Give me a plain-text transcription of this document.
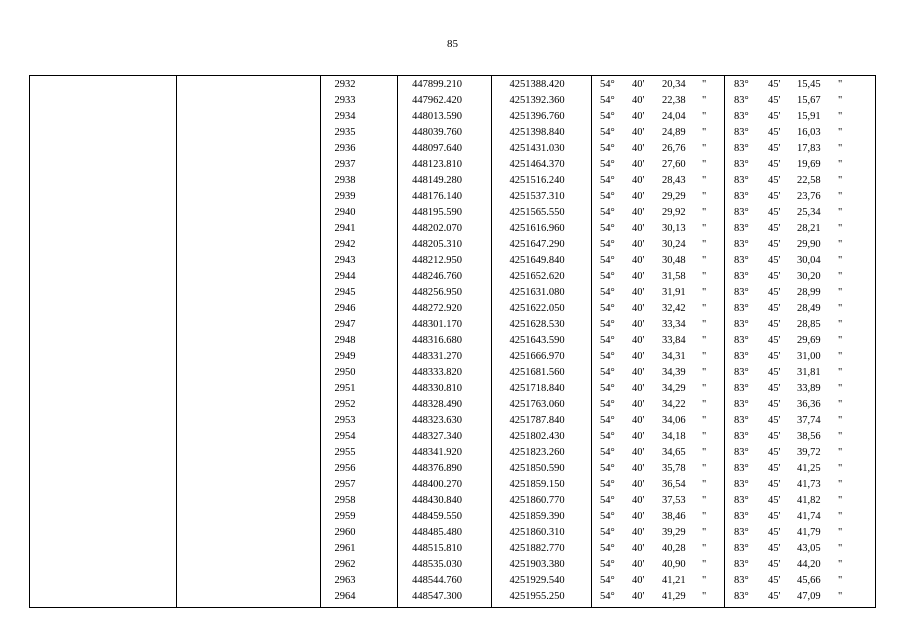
85
2932	447899.210	4251388.420	54° 40' 20,34 "	83° 45' 15,45 "
2933	447962.420	4251392.360	54° 40' 22,38 "	83° 45' 15,67 "
2934	448013.590	4251396.760	54° 40' 24,04 "	83° 45' 15,91 "
2935	448039.760	4251398.840	54° 40' 24,89 "	83° 45' 16,03 "
2936	448097.640	4251431.030	54° 40' 26,76 "	83° 45' 17,83 "
2937	448123.810	4251464.370	54° 40' 27,60 "	83° 45' 19,69 "
2938	448149.280	4251516.240	54° 40' 28,43 "	83° 45' 22,58 "
2939	448176.140	4251537.310	54° 40' 29,29 "	83° 45' 23,76 "
2940	448195.590	4251565.550	54° 40' 29,92 "	83° 45' 25,34 "
2941	448202.070	4251616.960	54° 40' 30,13 "	83° 45' 28,21 "
2942	448205.310	4251647.290	54° 40' 30,24 "	83° 45' 29,90 "
2943	448212.950	4251649.840	54° 40' 30,48 "	83° 45' 30,04 "
2944	448246.760	4251652.620	54° 40' 31,58 "	83° 45' 30,20 "
2945	448256.950	4251631.080	54° 40' 31,91 "	83° 45' 28,99 "
2946	448272.920	4251622.050	54° 40' 32,42 "	83° 45' 28,49 "
2947	448301.170	4251628.530	54° 40' 33,34 "	83° 45' 28,85 "
2948	448316.680	4251643.590	54° 40' 33,84 "	83° 45' 29,69 "
2949	448331.270	4251666.970	54° 40' 34,31 "	83° 45' 31,00 "
2950	448333.820	4251681.560	54° 40' 34,39 "	83° 45' 31,81 "
2951	448330.810	4251718.840	54° 40' 34,29 "	83° 45' 33,89 "
2952	448328.490	4251763.060	54° 40' 34,22 "	83° 45' 36,36 "
2953	448323.630	4251787.840	54° 40' 34,06 "	83° 45' 37,74 "
2954	448327.340	4251802.430	54° 40' 34,18 "	83° 45' 38,56 "
2955	448341.920	4251823.260	54° 40' 34,65 "	83° 45' 39,72 "
2956	448376.890	4251850.590	54° 40' 35,78 "	83° 45' 41,25 "
2957	448400.270	4251859.150	54° 40' 36,54 "	83° 45' 41,73 "
2958	448430.840	4251860.770	54° 40' 37,53 "	83° 45' 41,82 "
2959	448459.550	4251859.390	54° 40' 38,46 "	83° 45' 41,74 "
2960	448485.480	4251860.310	54° 40' 39,29 "	83° 45' 41,79 "
2961	448515.810	4251882.770	54° 40' 40,28 "	83° 45' 43,05 "
2962	448535.030	4251903.380	54° 40' 40,90 "	83° 45' 44,20 "
2963	448544.760	4251929.540	54° 40' 41,21 "	83° 45' 45,66 "
2964	448547.300	4251955.250	54° 40' 41,29 "	83° 45' 47,09 "
